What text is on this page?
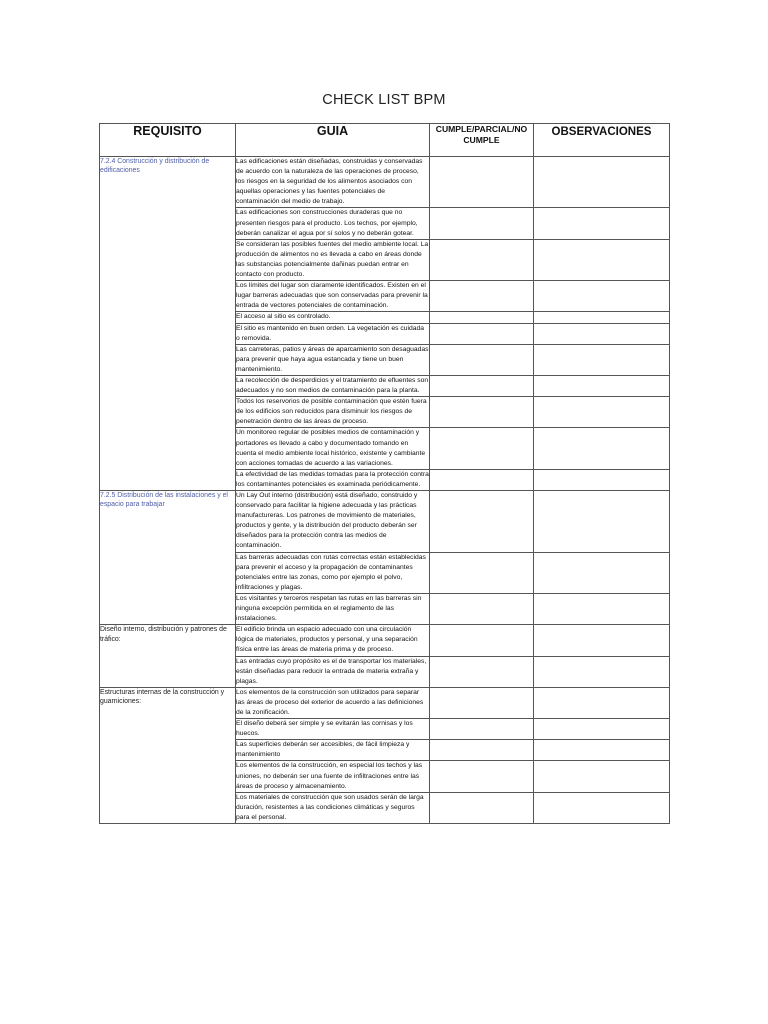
CHECK LIST BPM
REQUISITO	GUIA	CUMPLE/PARCIAL/NO CUMPLE	OBSERVACIONES
7.2.4 Construcción y distribución de edificaciones	Las edificaciones están diseñadas, construidas y conservadas de acuerdo con la naturaleza de las operaciones de proceso, los riesgos en la seguridad de los alimentos asociados con aquellas operaciones y las fuentes potenciales de contaminación del medio de trabajo.		
	Las edificaciones son construcciones duraderas que no presenten riesgos para el producto. Los techos, por ejemplo, deberán canalizar el agua por sí solos y no deberán gotear.		
	Se consideran las posibles fuentes del medio ambiente local. La producción de alimentos no es llevada a cabo en áreas donde las substancias potencialmente dañinas puedan entrar en contacto con producto.		
	Los límites del lugar son claramente identificados. Existen en el lugar barreras adecuadas que son conservadas para prevenir la entrada de vectores potenciales de contaminación.		
	El acceso al sitio es controlado.		
	El sitio es mantenido en buen orden. La vegetación es cuidada o removida.		
	Las carreteras, patios y áreas de aparcamiento son desaguadas para prevenir que haya agua estancada y tiene un buen mantenimiento.		
	La recolección de desperdicios y el tratamiento de efluentes son adecuados y no son medios de contaminación para la planta.		
	Todos los reservorios de posible contaminación que estén fuera de los edificios son reducidos para disminuir los riesgos de penetración dentro de las áreas de proceso.		
	Un monitoreo regular de posibles medios de contaminación y portadores es llevado a cabo y documentado tomando en cuenta el medio ambiente local histórico, existente y cambiante con acciones tomadas de acuerdo a las variaciones.		
	La efectividad de las medidas tomadas para la protección contra los contaminantes potenciales es examinada periódicamente.		
7.2.5 Distribución de las instalaciones y el espacio para trabajar	Un Lay Out interno (distribución) está diseñado, construido y conservado para facilitar la higiene adecuada y las prácticas manufactureras. Los patrones de movimiento de materiales, productos y gente, y la distribución del producto deberán ser diseñados para la protección contra las medios de contaminación.		
	Las barreras adecuadas con rutas correctas están establecidas para prevenir el acceso y la propagación de contaminantes potenciales entre las zonas, como por ejemplo el polvo, infiltraciones y plagas.		
	Los visitantes y terceros respetan las rutas en las barreras sin ninguna excepción permitida en el reglamento de las instalaciones.		
Diseño interno, distribución y patrones de tráfico:	El edificio brinda un espacio adecuado con una circulación lógica de materiales, productos y personal, y una separación física entre las áreas de materia prima y de proceso.		
	Las entradas cuyo propósito es el de transportar los materiales, están diseñadas para reducir la entrada de materia extraña y plagas.		
Estructuras internas de la construcción y guarniciones:	Los elementos de la construcción son utilizados para separar las áreas de proceso del exterior de acuerdo a las definiciones de la zonificación.		
	El diseño deberá ser simple y se evitarán las cornisas y los huecos.		
	Las superficies deberán ser accesibles, de fácil limpieza y mantenimiento		
	Los elementos de la construcción, en especial los techos y las uniones, no deberán ser una fuente de infiltraciones entre las áreas de proceso y almacenamiento.		
	Los materiales de construcción que son usados serán de larga duración, resistentes a las condiciones climáticas y seguros para el personal.		
